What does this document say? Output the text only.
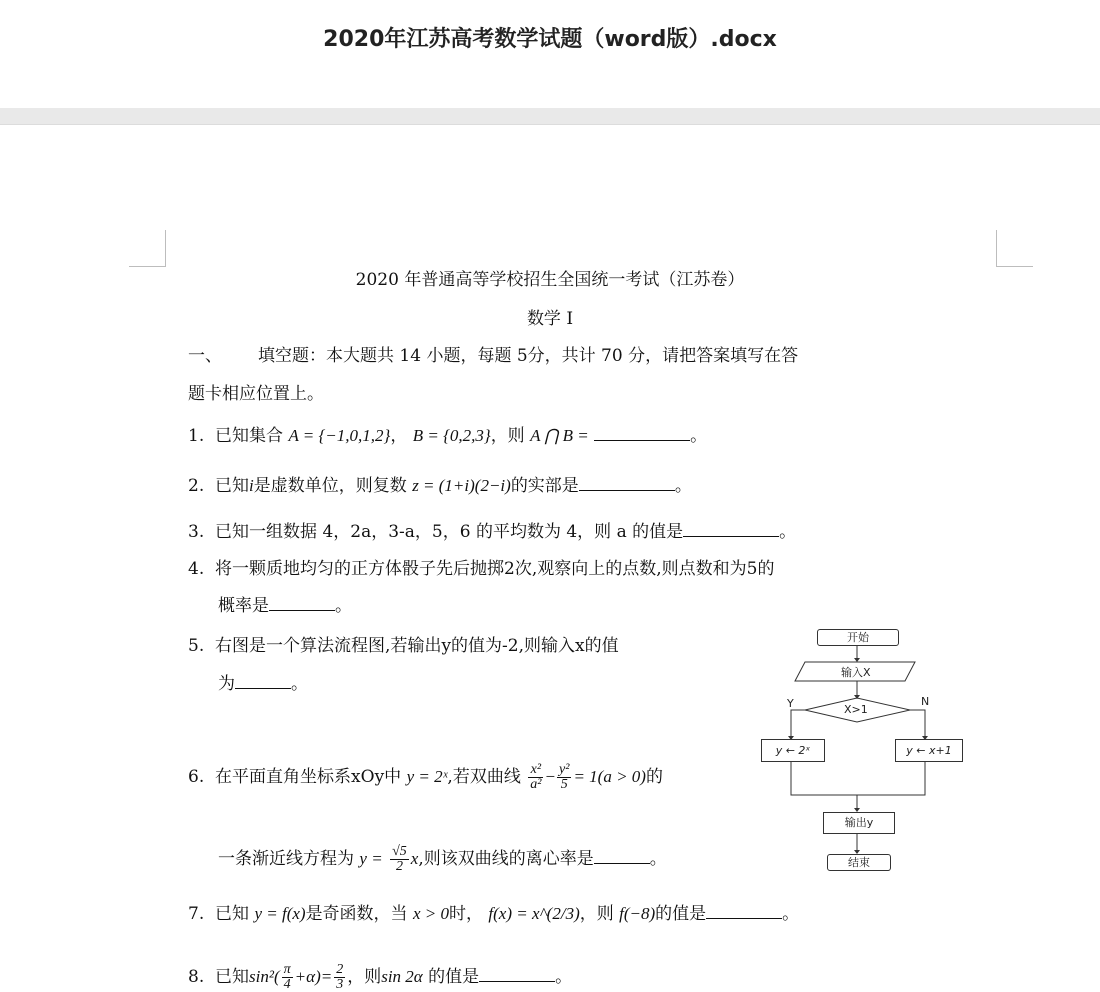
2020年江苏高考数学试题（word版）.docx
2020 年普通高等学校招生全国统一考试（江苏卷）
数学 I
一、 填空题：本大题共 14 小题，每题 5分，共计 70 分，请把答案填写在答
题卡相应位置上。
1. 已知集合 A = {−1,0,1,2}， B = {0,2,3}，则 A ⋂ B =	。
2. 已知i是虚数单位，则复数 z = (1+i)(2−i)的实部是	。
3. 已知一组数据 4，2a，3-a，5，6 的平均数为 4，则 a 的值是	。
4. 将一颗质地均匀的正方体骰子先后抛掷2次,观察向上的点数,则点数和为5的
概率是	。
5. 右图是一个算法流程图,若输出y的值为-2,则输入x的值
为	。
6. 在平面直角坐标系xOy中 y = 2ˣ,若双曲线 $\frac{\text{x²}}{\text{a²}} - \frac{\text{y²}}{5} = 1(a > 0)$的
一条渐近线方程为 $y = \frac{√5}{2} x$,则该双曲线的离心率是	。
7. 已知 y = f(x)是奇函数，当 x > 0时， f(x) = x^(2/3)，则 f(−8)的值是	。
8. 已知$\sin^2( \frac{\pi}{4} +\alpha)= \frac{2}{3}$ ，则sin 2α 的值是	。
开始
输入X
X>1
Y	N
y ← 2ˣ	y ← x+1
输出y
结束
